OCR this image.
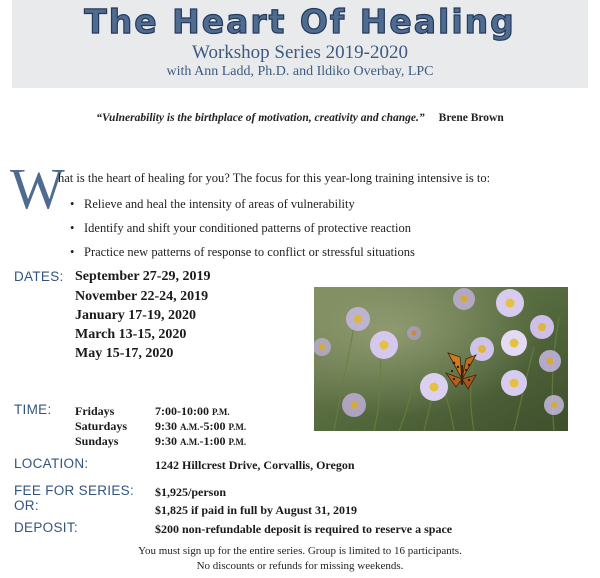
The Heart Of Healing
Workshop Series 2019-2020
with Ann Ladd, Ph.D. and Ildiko Overbay, LPC
“Vulnerability is the birthplace of motivation, creativity and change.” Brene Brown
W
hat is the heart of healing for you? The focus for this year-long training intensive is to:
• Relieve and heal the intensity of areas of vulnerability
• Identify and shift your conditioned patterns of protective reaction
• Practice new patterns of response to conflict or stressful situations
DATES: September 27-29, 2019
November 22-24, 2019
January 17-19, 2020
March 13-15, 2020
May 15-17, 2020
TIME: Fridays	7:00-10:00 P.M.
Saturdays 9:30 A.M.-5:00 P.M.
Sundays	9:30 A.M.-1:00 P.M.
LOCATION:	1242 Hillcrest Drive, Corvallis, Oregon
FEE FOR SERIES: $1,925/person
OR:	$1,825 if paid in full by August 31, 2019
DEPOSIT:	$200 non-refundable deposit is required to reserve a space
You must sign up for the entire series. Group is limited to 16 participants.
No discounts or refunds for missing weekends.
